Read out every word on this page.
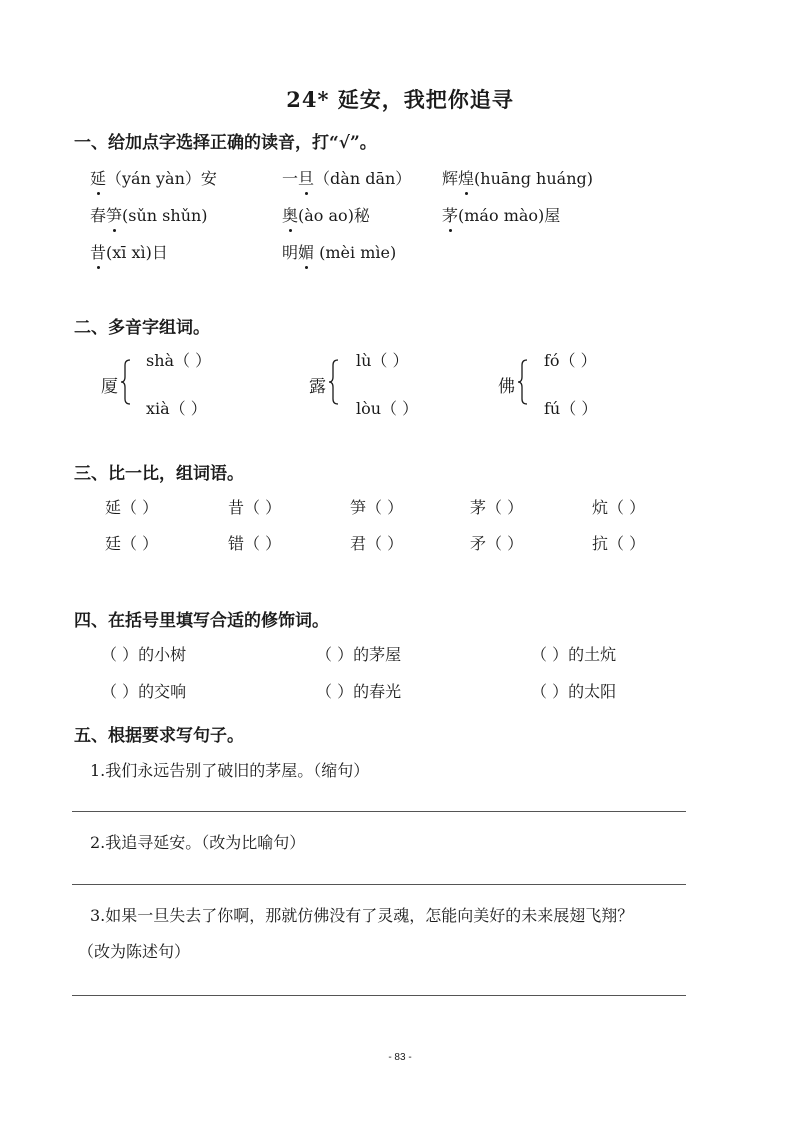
24* 延安，我把你追寻
一、给加点字选择正确的读音，打“√”。
延（yán yàn）安	一旦（dàn dān） 辉煌(huāng huáng)
春笋(sǔn shǔn)	奥(ào ao)秘	茅(máo mào)屋
昔(xī xì)日	明媚 (mèi mìe)
二、多音字组词。
厦
shà（ ）
xià（ ）
露
lù（ ）
lòu（ ）
佛
fó（ ）
fú（ ）
三、比一比，组词语。
延（ ）	昔（ ）	笋（ ）	茅（ ）	炕（ ）
廷（ ）	错（ ）	君（ ）	矛（ ）	抗（ ）
四、在括号里填写合适的修饰词。
（ ）的小树	（ ）的茅屋	（ ）的土炕
（ ）的交响	（ ）的春光	（ ）的太阳
五、根据要求写句子。
1.我们永远告别了破旧的茅屋。（缩句）
2.我追寻延安。（改为比喻句）
3.如果一旦失去了你啊，那就仿佛没有了灵魂，怎能向美好的未来展翅飞翔？
（改为陈述句）
- 83 -
